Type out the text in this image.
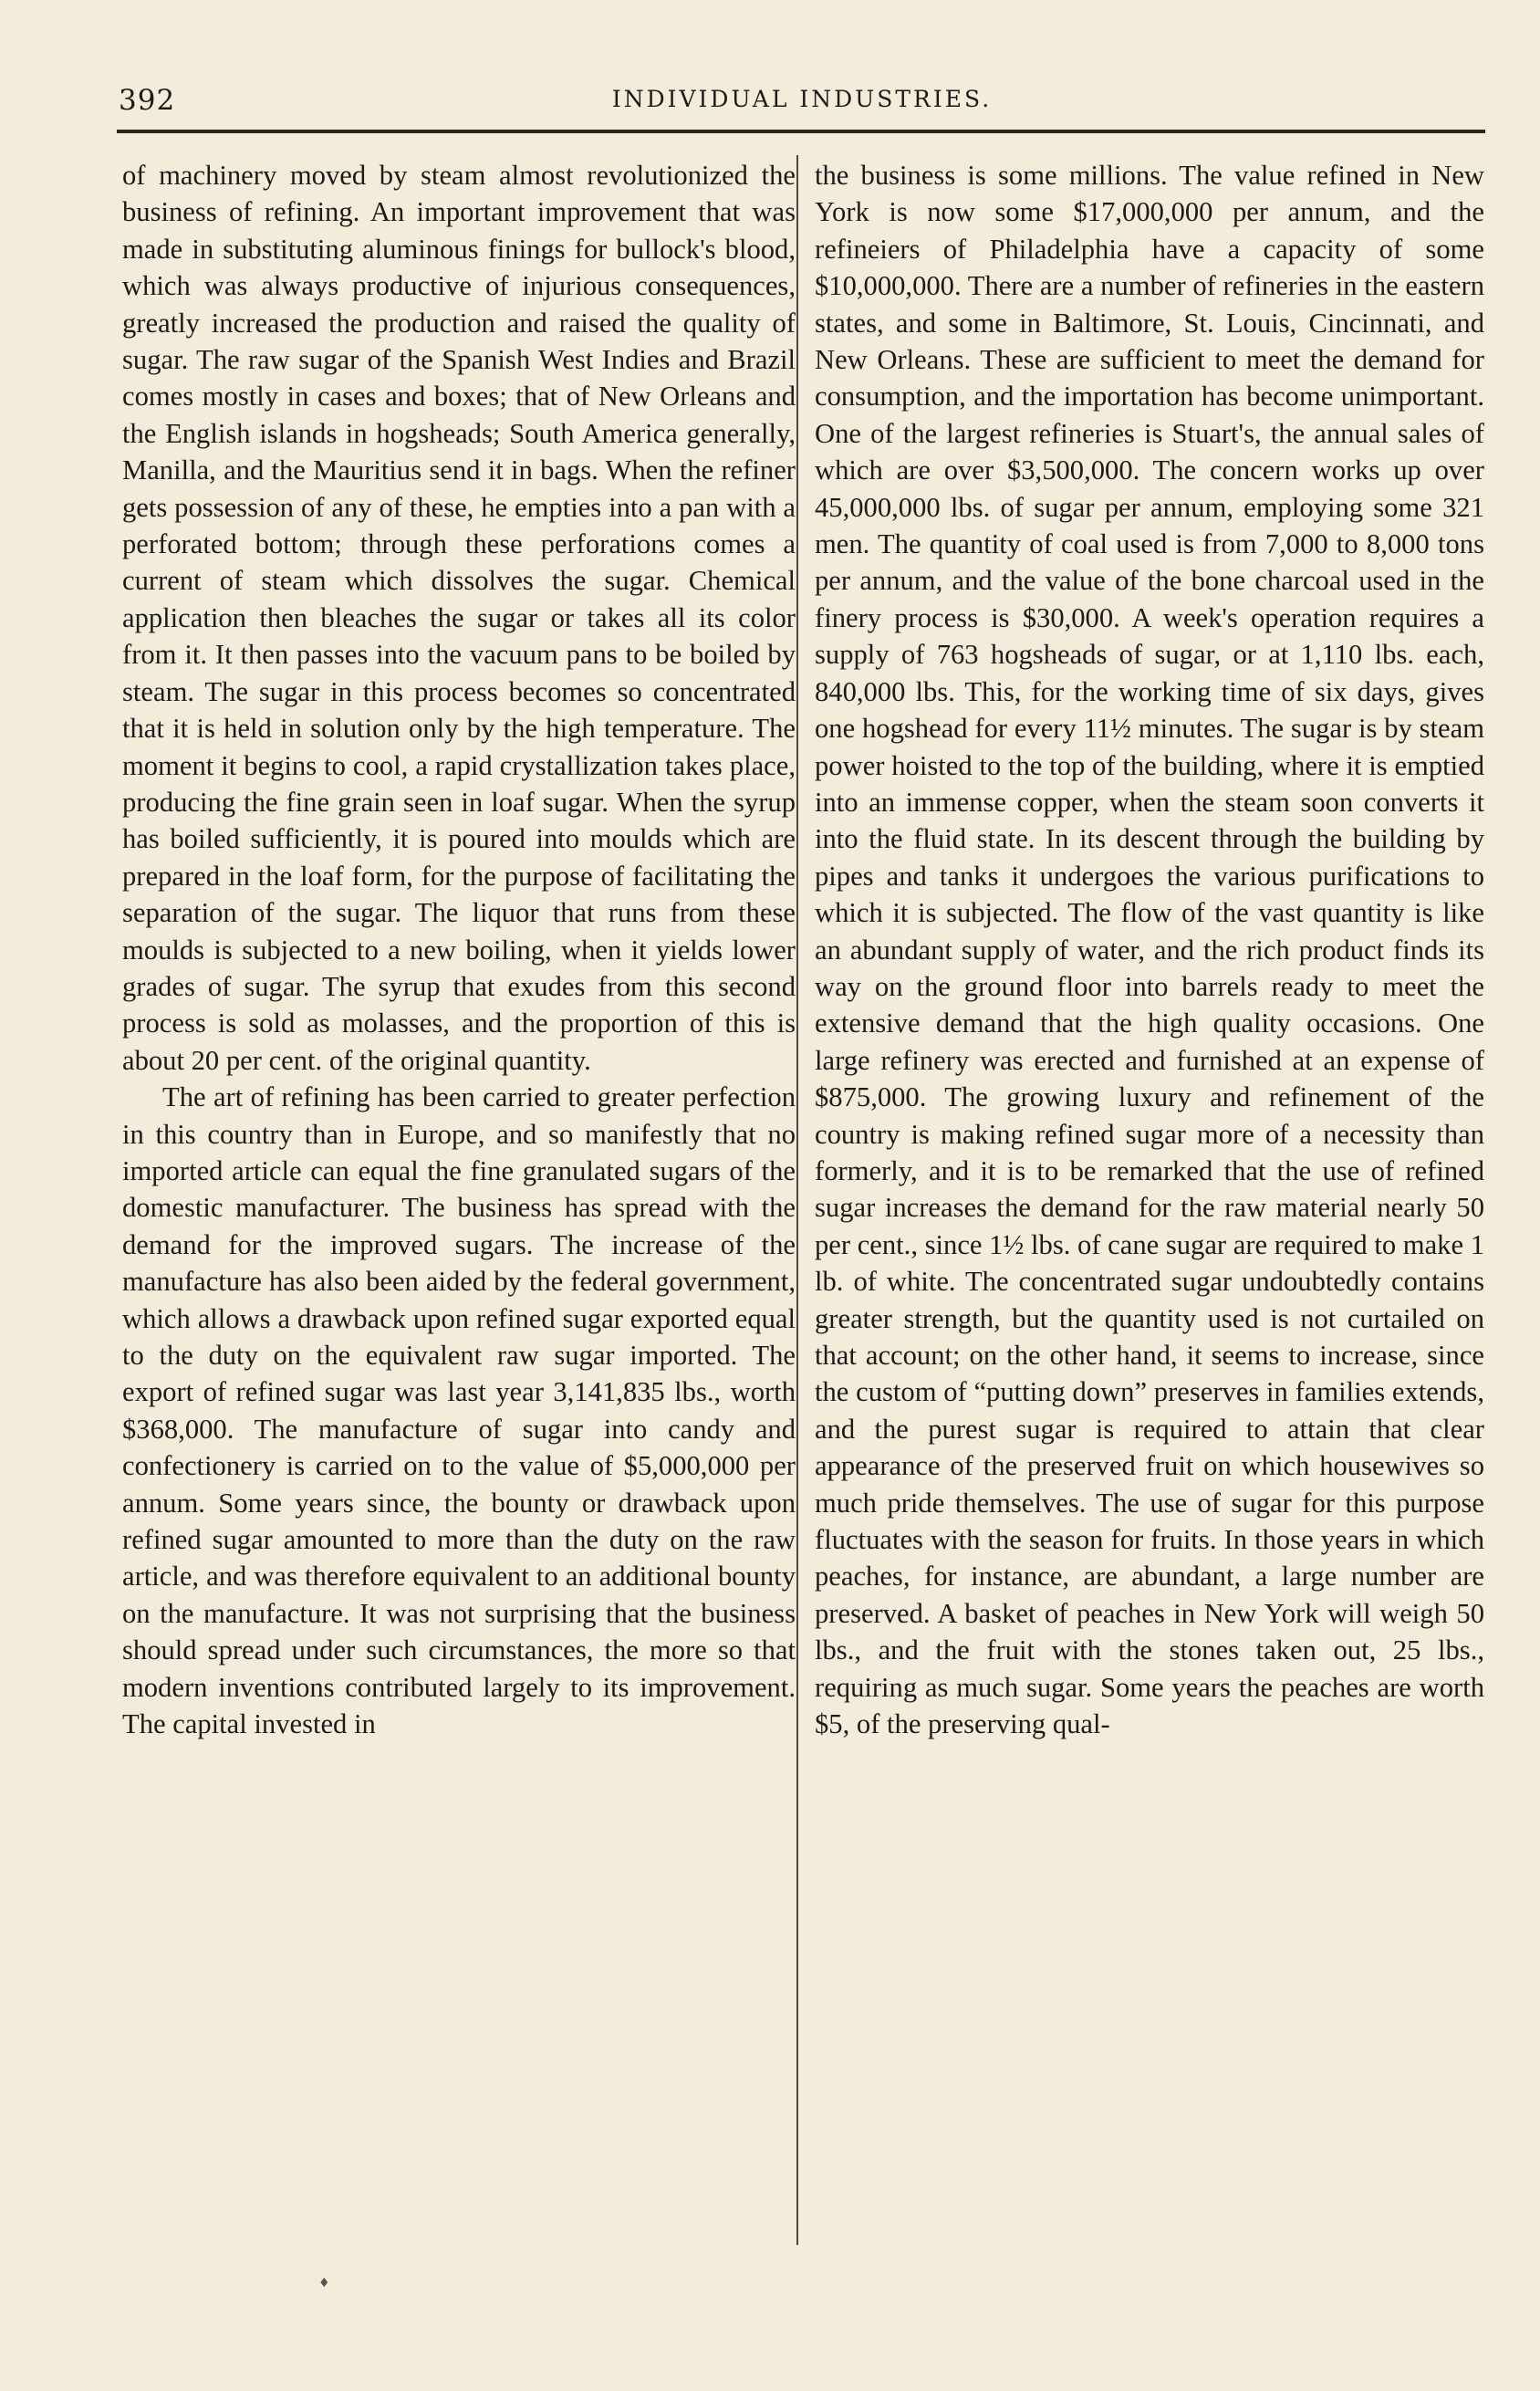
392	INDIVIDUAL INDUSTRIES.

of machinery moved by steam almost revolutionized the business of refining. An important improvement that was made in substituting aluminous finings for bullock's blood, which was always productive of injurious consequences, greatly increased the production and raised the quality of sugar. The raw sugar of the Spanish West Indies and Brazil comes mostly in cases and boxes; that of New Orleans and the English islands in hogsheads; South America generally, Manilla, and the Mauritius send it in bags. When the refiner gets possession of any of these, he empties into a pan with a perforated bottom; through these perforations comes a current of steam which dissolves the sugar. Chemical application then bleaches the sugar or takes all its color from it. It then passes into the vacuum pans to be boiled by steam. The sugar in this process becomes so concentrated that it is held in solution only by the high temperature. The moment it begins to cool, a rapid crystallization takes place, producing the fine grain seen in loaf sugar. When the syrup has boiled sufficiently, it is poured into moulds which are prepared in the loaf form, for the purpose of facilitating the separation of the sugar. The liquor that runs from these moulds is subjected to a new boiling, when it yields lower grades of sugar. The syrup that exudes from this second process is sold as molasses, and the proportion of this is about 20 per cent. of the original quantity.

The art of refining has been carried to greater perfection in this country than in Europe, and so manifestly that no imported article can equal the fine granulated sugars of the domestic manufacturer. The business has spread with the demand for the improved sugars. The increase of the manufacture has also been aided by the federal government, which allows a drawback upon refined sugar exported equal to the duty on the equivalent raw sugar imported. The export of refined sugar was last year 3,141,835 lbs., worth $368,000. The manufacture of sugar into candy and confectionery is carried on to the value of $5,000,000 per annum. Some years since, the bounty or drawback upon refined sugar amounted to more than the duty on the raw article, and was therefore equivalent to an additional bounty on the manufacture. It was not surprising that the business should spread under such circumstances, the more so that modern inventions contributed largely to its improvement. The capital invested in

the business is some millions. The value refined in New York is now some $17,000,000 per annum, and the refineiers of Philadelphia have a capacity of some $10,000,000. There are a number of refineries in the eastern states, and some in Baltimore, St. Louis, Cincinnati, and New Orleans. These are sufficient to meet the demand for consumption, and the importation has become unimportant. One of the largest refineries is Stuart's, the annual sales of which are over $3,500,000. The concern works up over 45,000,000 lbs. of sugar per annum, employing some 321 men. The quantity of coal used is from 7,000 to 8,000 tons per annum, and the value of the bone charcoal used in the finery process is $30,000. A week's operation requires a supply of 763 hogsheads of sugar, or at 1,110 lbs. each, 840,000 lbs. This, for the working time of six days, gives one hogshead for every 11½ minutes. The sugar is by steam power hoisted to the top of the building, where it is emptied into an immense copper, when the steam soon converts it into the fluid state. In its descent through the building by pipes and tanks it undergoes the various purifications to which it is subjected. The flow of the vast quantity is like an abundant supply of water, and the rich product finds its way on the ground floor into barrels ready to meet the extensive demand that the high quality occasions. One large refinery was erected and furnished at an expense of $875,000. The growing luxury and refinement of the country is making refined sugar more of a necessity than formerly, and it is to be remarked that the use of refined sugar increases the demand for the raw material nearly 50 per cent., since 1½ lbs. of cane sugar are required to make 1 lb. of white. The concentrated sugar undoubtedly contains greater strength, but the quantity used is not curtailed on that account; on the other hand, it seems to increase, since the custom of “putting down” preserves in families extends, and the purest sugar is required to attain that clear appearance of the preserved fruit on which housewives so much pride themselves. The use of sugar for this purpose fluctuates with the season for fruits. In those years in which peaches, for instance, are abundant, a large number are preserved. A basket of peaches in New York will weigh 50 lbs., and the fruit with the stones taken out, 25 lbs., requiring as much sugar. Some years the peaches are worth $5, of the preserving qual-

♦
